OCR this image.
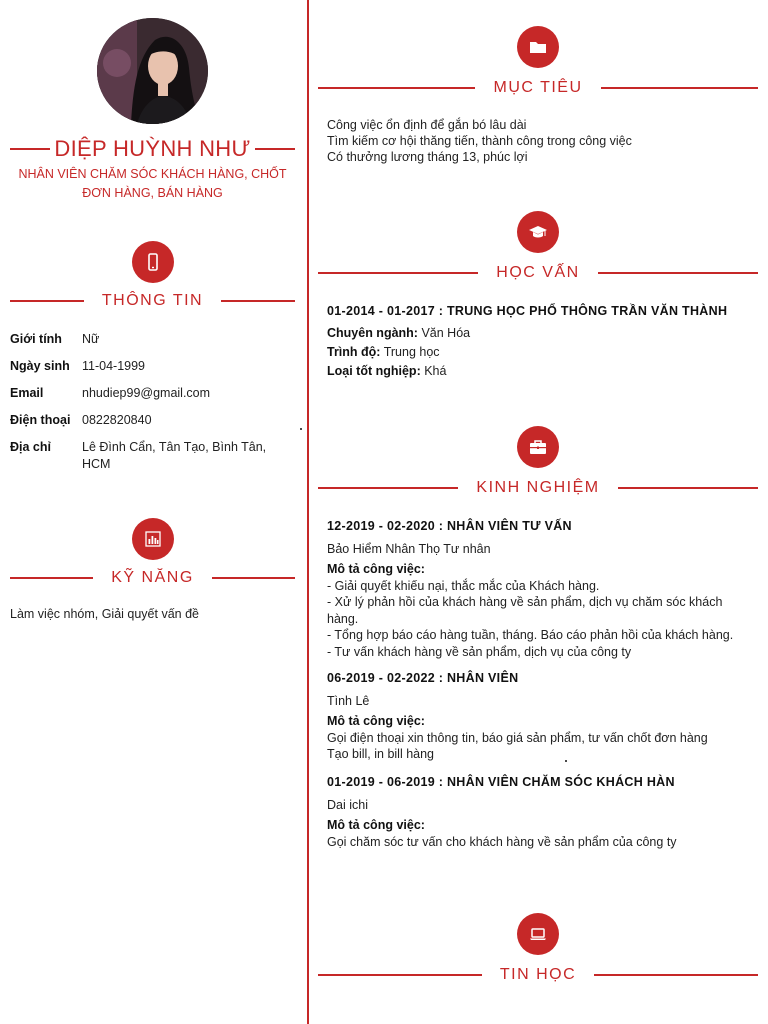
DIỆP HUỲNH NHƯ
NHÂN VIÊN CHĂM SÓC KHÁCH HÀNG, CHỐT ĐƠN HÀNG, BÁN HÀNG
THÔNG TIN
Giới tính	Nữ
Ngày sinh 11-04-1999
Email	nhudiep99@gmail.com
Điện thoại 0822820840
Địa chỉ	Lê Đình Cẩn, Tân Tạo, Bình Tân, HCM
KỸ NĂNG
Làm việc nhóm, Giải quyết vấn đề
MỤC TIÊU
Công việc ổn định để gắn bó lâu dài
Tìm kiếm cơ hội thăng tiến, thành công trong công việc
Có thưởng lương tháng 13, phúc lợi
HỌC VẤN
01-2014 - 01-2017 : TRUNG HỌC PHỔ THÔNG TRẦN VĂN THÀNH
Chuyên ngành: Văn Hóa
Trình độ: Trung học
Loại tốt nghiệp: Khá
KINH NGHIỆM
12-2019 - 02-2020 : NHÂN VIÊN TƯ VẤN
Bảo Hiểm Nhân Thọ Tư nhân
Mô tả công việc:
- Giải quyết khiếu nại, thắc mắc của Khách hàng.
- Xử lý phản hồi của khách hàng về sản phẩm, dịch vụ chăm sóc khách hàng.
- Tổng hợp báo cáo hàng tuần, tháng. Báo cáo phản hồi của khách hàng.
- Tư vấn khách hàng về sản phẩm, dịch vụ của công ty
06-2019 - 02-2022 : NHÂN VIÊN
Tình Lê
Mô tả công việc:
Gọi điện thoại xin thông tin, báo giá sản phẩm, tư vấn chốt đơn hàng
Tạo bill, in bill hàng
01-2019 - 06-2019 : NHÂN VIÊN CHĂM SÓC KHÁCH HÀN
Dai ichi
Mô tả công việc:
Gọi chăm sóc tư vấn cho khách hàng về sản phẩm của công ty
TIN HỌC
